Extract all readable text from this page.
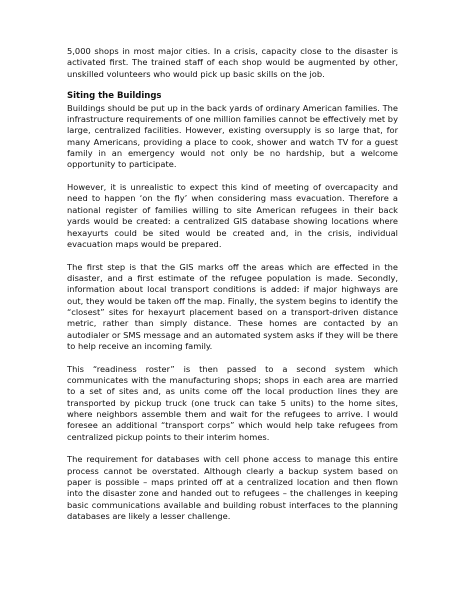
5,000 shops in most major cities. In a crisis, capacity close to the disaster is activated first. The trained staff of each shop would be augmented by other, unskilled volunteers who would pick up basic skills on the job.

Siting the Buildings

Buildings should be put up in the back yards of ordinary American families. The infrastructure requirements of one million families cannot be effectively met by large, centralized facilities. However, existing oversupply is so large that, for many Americans, providing a place to cook, shower and watch TV for a guest family in an emergency would not only be no hardship, but a welcome opportunity to participate.

However, it is unrealistic to expect this kind of meeting of overcapacity and need to happen ‘on the fly’ when considering mass evacuation. Therefore a national register of families willing to site American refugees in their back yards would be created: a centralized GIS database showing locations where hexayurts could be sited would be created and, in the crisis, individual evacuation maps would be prepared.

The first step is that the GIS marks off the areas which are effected in the disaster, and a first estimate of the refugee population is made. Secondly, information about local transport conditions is added: if major highways are out, they would be taken off the map. Finally, the system begins to identify the “closest” sites for hexayurt placement based on a transport-driven distance metric, rather than simply distance. These homes are contacted by an autodialer or SMS message and an automated system asks if they will be there to help receive an incoming family.

This “readiness roster” is then passed to a second system which communicates with the manufacturing shops; shops in each area are married to a set of sites and, as units come off the local production lines they are transported by pickup truck (one truck can take 5 units) to the home sites, where neighbors assemble them and wait for the refugees to arrive. I would foresee an additional “transport corps” which would help take refugees from centralized pickup points to their interim homes.

The requirement for databases with cell phone access to manage this entire process cannot be overstated. Although clearly a backup system based on paper is possible – maps printed off at a centralized location and then flown into the disaster zone and handed out to refugees – the challenges in keeping basic communications available and building robust interfaces to the planning databases are likely a lesser challenge.
